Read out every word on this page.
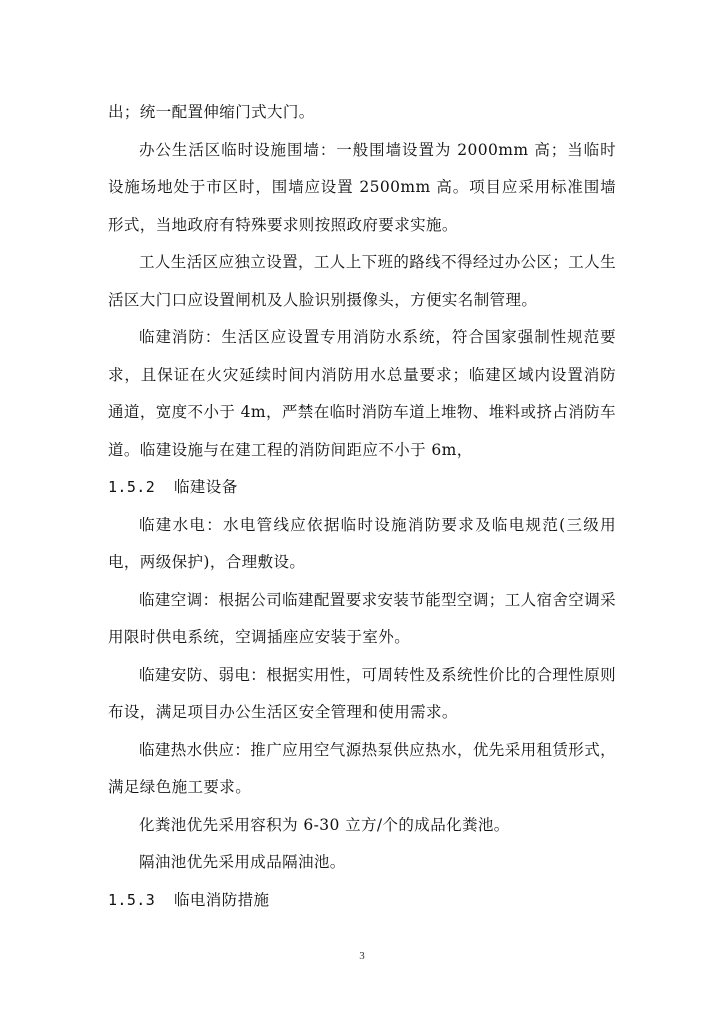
出；统一配置伸缩门式大门。

办公生活区临时设施围墙：一般围墙设置为 2000mm 高；当临时设施场地处于市区时，围墙应设置 2500mm 高。项目应采用标准围墙形式，当地政府有特殊要求则按照政府要求实施。

工人生活区应独立设置，工人上下班的路线不得经过办公区；工人生活区大门口应设置闸机及人脸识别摄像头，方便实名制管理。

临建消防：生活区应设置专用消防水系统，符合国家强制性规范要求，且保证在火灾延续时间内消防用水总量要求；临建区域内设置消防通道，宽度不小于 4m，严禁在临时消防车道上堆物、堆料或挤占消防车道。临建设施与在建工程的消防间距应不小于 6m，

1.5.2 临建设备

临建水电：水电管线应依据临时设施消防要求及临电规范(三级用电，两级保护)，合理敷设。

临建空调：根据公司临建配置要求安装节能型空调；工人宿舍空调采用限时供电系统，空调插座应安装于室外。

临建安防、弱电：根据实用性，可周转性及系统性价比的合理性原则布设，满足项目办公生活区安全管理和使用需求。

临建热水供应：推广应用空气源热泵供应热水，优先采用租赁形式，满足绿色施工要求。

化粪池优先采用容积为 6-30 立方/个的成品化粪池。

隔油池优先采用成品隔油池。

1.5.3 临电消防措施
3
